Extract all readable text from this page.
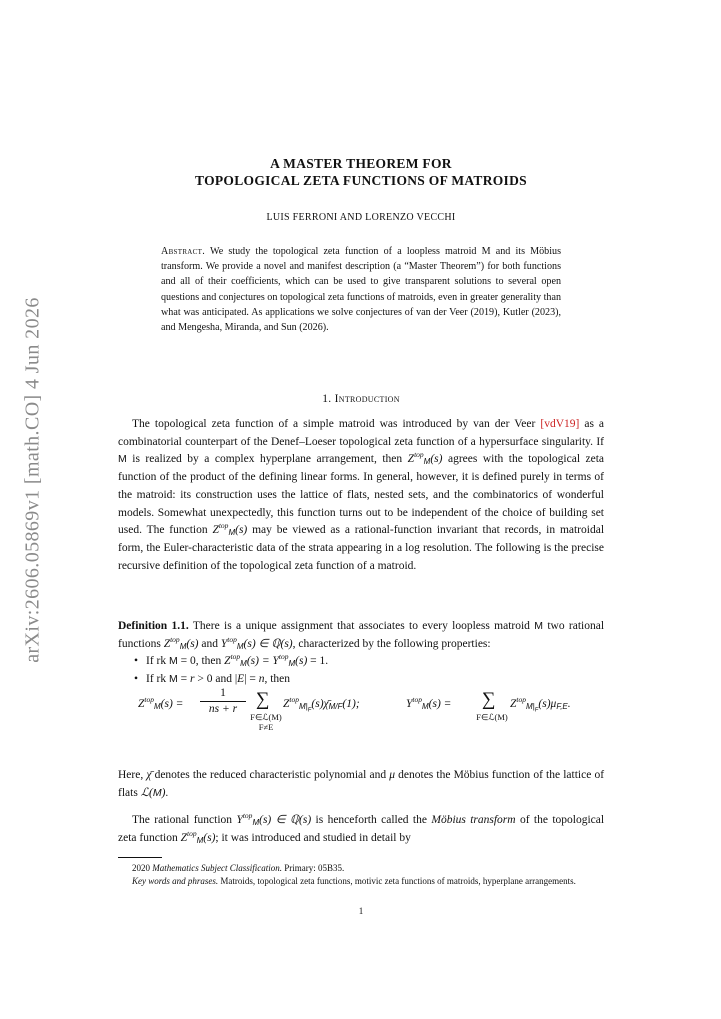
arXiv:2606.05869v1 [math.CO] 4 Jun 2026
A MASTER THEOREM FOR
TOPOLOGICAL ZETA FUNCTIONS OF MATROIDS
LUIS FERRONI AND LORENZO VECCHI
Abstract. We study the topological zeta function of a loopless matroid M and its Möbius transform. We provide a novel and manifest description (a “Master Theorem”) for both functions and all of their coefficients, which can be used to give transparent solutions to several open questions and conjectures on topological zeta functions of matroids, even in greater generality than what was anticipated. As applications we solve conjectures of van der Veer (2019), Kutler (2023), and Mengesha, Miranda, and Sun (2026).
1. Introduction
The topological zeta function of a simple matroid was introduced by van der Veer [vdV19] as a combinatorial counterpart of the Denef–Loeser topological zeta function of a hypersurface singularity. If M is realized by a complex hyperplane arrangement, then $Z^{top}_M(s)$ agrees with the topological zeta function of the product of the defining linear forms. In general, however, it is defined purely in terms of the matroid: its construction uses the lattice of flats, nested sets, and the combinatorics of wonderful models. Somewhat unexpectedly, this function turns out to be independent of the choice of building set used. The function $Z^{top}_M(s)$ may be viewed as a rational-function invariant that records, in matroidal form, the Euler-characteristic data of the strata appearing in a log resolution. The following is the precise recursive definition of the topological zeta function of a matroid.
Definition 1.1. There is a unique assignment that associates to every loopless matroid M two rational functions $Z^{top}_M(s)$ and $Y^{top}_M(s)$ ∈ ℚ(s), characterized by the following properties:
• If rk M = 0, then $Z^{top}_M(s) = Y^{top}_M(s) = 1$.
• If rk M = r > 0 and |E| = n, then
$Z^{top}_M(s) = \frac{1}{ns + r}$ ∑
F∈ℒ(M)
F≠E
$Z^{top}_{M|_F}(s)\chī_{M/F}(1)$;	$Y^{top}_M(s)$ = ∑
F∈ℒ(M)
$Z^{top}_{M|_F}(s)\mu_{F,E}$.
Here, χ̄ denotes the reduced characteristic polynomial and μ denotes the Möbius function of the lattice of flats ℒ(M).
The rational function $Y^{top}_M(s)$ ∈ ℚ(s) is henceforth called the Möbius transform of the topological zeta function $Z^{top}_M(s)$; it was introduced and studied in detail by
2020 Mathematics Subject Classification. Primary: 05B35.
Key words and phrases. Matroids, topological zeta functions, motivic zeta functions of matroids, hyperplane arrangements.
1
